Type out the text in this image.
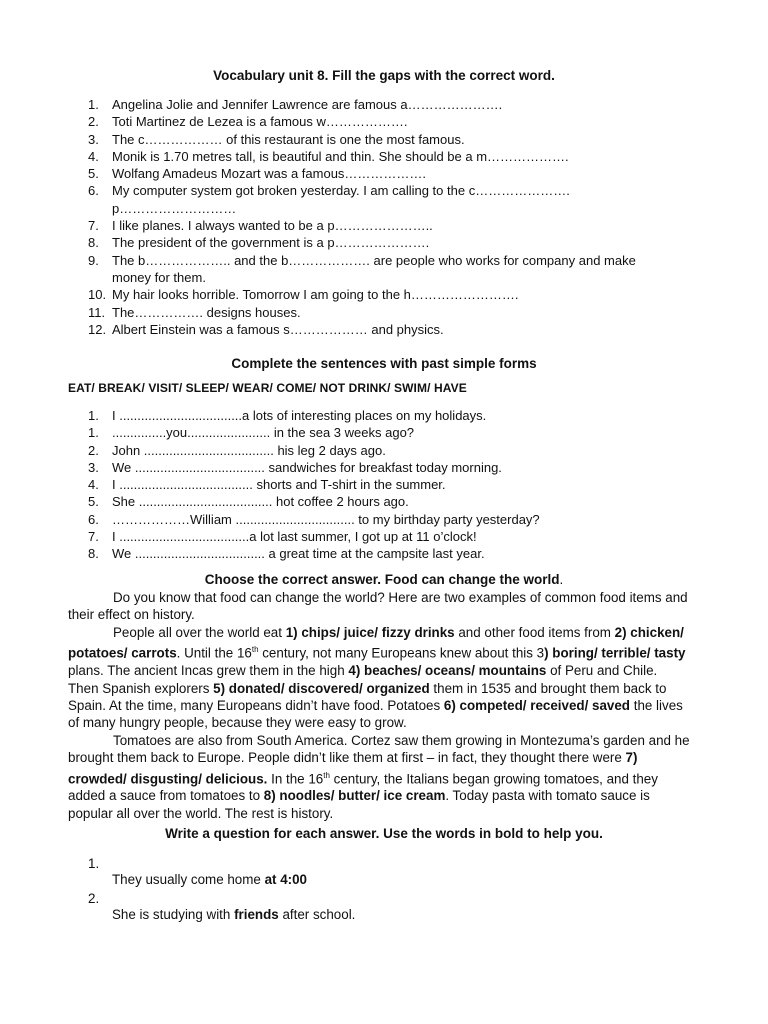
Vocabulary unit 8. Fill the gaps with the correct word.
1.	Angelina Jolie and Jennifer Lawrence are famous a………………….
2.	Toti Martinez de Lezea is a famous w……………….
3.	The c……………… of this restaurant is one the most famous.
4.	Monik is 1.70 metres tall, is beautiful and thin. She should be a m……………….
5.	Wolfang Amadeus Mozart was a famous……………….
6.	My computer system got broken yesterday. I am calling to the c………………….
p………………………
7.	I like planes. I always wanted to be a p…………………..
8.	The president of the government is a p………………….
9.	The b……………….. and the b………………. are people who works for company and make
money for them.
10. My hair looks horrible. Tomorrow I am going to the h…………………….
11. The……………. designs houses.
12. Albert Einstein was a famous s……………… and physics.
Complete the sentences with past simple forms
EAT/ BREAK/ VISIT/ SLEEP/ WEAR/ COME/ NOT DRINK/ SWIM/ HAVE
1.	I ..................................a lots of interesting places on my holidays.
1.	...............you....................... in the sea 3 weeks ago?
2.	John .................................... his leg 2 days ago.
3.	We .................................... sandwiches for breakfast today morning.
4.	I ..................................... shorts and T-shirt in the summer.
5.	She ..................................... hot coffee 2 hours ago.
6.	………………William ................................. to my birthday party yesterday?
7.	I ....................................a lot last summer, I got up at 11 o’clock!
8.	We .................................... a great time at the campsite last year.
Choose the correct answer. Food can change the world.

Do you know that food can change the world? Here are two examples of common food items and their effect on history.

People all over the world eat 1) chips/ juice/ fizzy drinks and other food items from 2) chicken/ potatoes/ carrots. Until the 16th century, not many Europeans knew about this 3) boring/ terrible/ tasty plans. The ancient Incas grew them in the high 4) beaches/ oceans/ mountains of Peru and Chile. Then Spanish explorers 5) donated/ discovered/ organized them in 1535 and brought them back to Spain. At the time, many Europeans didn’t have food. Potatoes 6) competed/ received/ saved the lives of many hungry people, because they were easy to grow.

Tomatoes are also from South America. Cortez saw them growing in Montezuma’s garden and he brought them back to Europe. People didn’t like them at first – in fact, they thought there were 7) crowded/ disgusting/ delicious. In the 16th century, the Italians began growing tomatoes, and they added a sauce from tomatoes to 8) noodles/ butter/ ice cream. Today pasta with tomato sauce is popular all over the world. The rest is history.

Write a question for each answer. Use the words in bold to help you.
1.
They usually come home at 4:00
2.
She is studying with friends after school.
